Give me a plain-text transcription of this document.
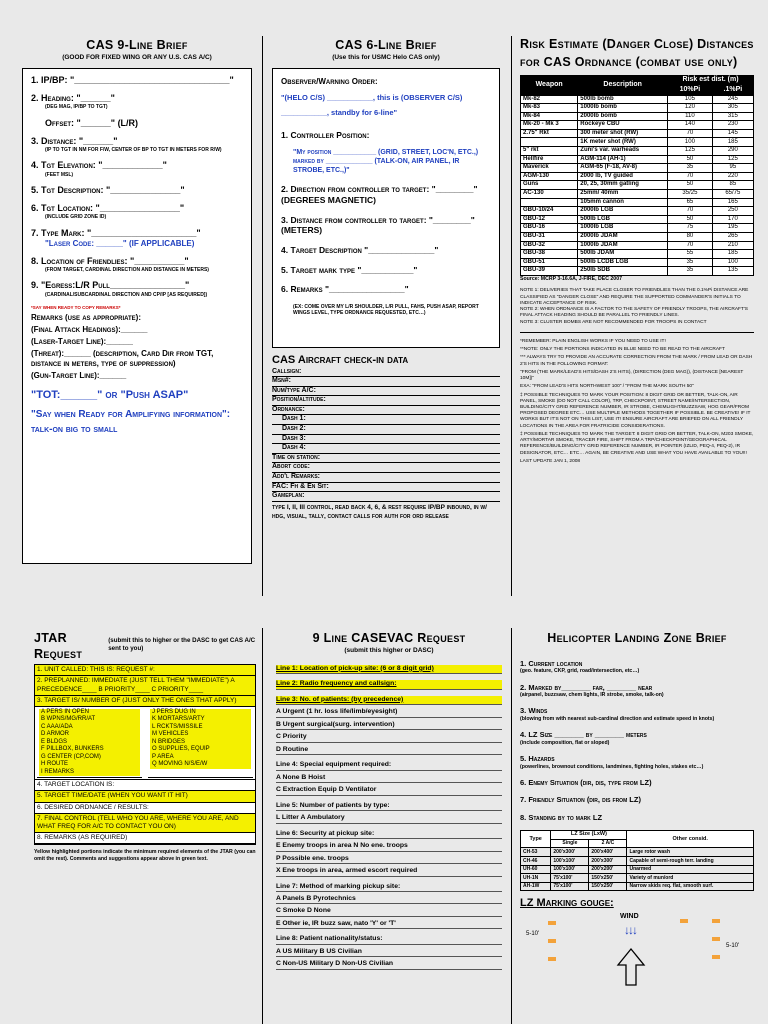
CAS 9-Line Brief
(GOOD FOR FIXED WING OR ANY U.S. CAS A/C)
1. IP/BP: "_______________________________"
2. Heading: "______"
(DEG MAG, IP/BP TO TGT)
Offset: "______" (L/R)
3. Distance: "______"
(IP TO TGT IN NM FOR F/W, CENTER OF BP TO TGT IN METERS FOR R/W)
4. Tgt Elevation: "____________"
(FEET MSL)
5. Tgt Description: "______________"
6. Tgt Location: "________________"
(INCLUDE GRID ZONE ID)
7. Type Mark: "_____________________"
"Laser Code: ______" (IF APPLICABLE)
8. Location of Friendlies: "__________"
(FROM TARGET, CARDINAL DIRECTION AND DISTANCE IN METERS)
9. "Egress:L/R Pull_______________"
(CARDINAL/SUBCARDINAL DIRECTION AND CP/IP [AS REQUIRED])
*SAY WHEN READY TO COPY REMARKS*
Remarks (use as appropriate):
(Final Attack Headings):______
(Laser-Target Line):______
(Threat):______ (description, Card Dir from TGT, distance in meters, type of suppression)
(Gun-Target Line):______
"TOT:______" or "Push ASAP"
"Say when Ready for Amplifying information": talk-on big to small
CAS 6-Line Brief
(Use this for USMC Helo CAS only)
Observer/Warning Order:
"(HELO C/S) ___________, this is (OBSERVER C/S)
___________, standby for 6-line"
1. Controller Position:
"My position ___________ (GRID, STREET, LOC'N, ETC.,) marked by ____________ (TALK-ON, AIR PANEL, IR STROBE, ETC.,)"
2. Direction from controller to target: "________" (DEGREES MAGNETIC)
3. Distance from controller to target: "________" (METERS)
4. Target Description "______________"
5. Target mark type "___________"
6. Remarks "________________"
(EX: COME OVER MY L/R SHOULDER, L/R PULL, FAHS, PUSH ASAP, REPORT WINGS LEVEL, TYPE ORDNANCE REQUESTED, ETC…)
CAS Aircraft check-in data
Callsign:
Msn#:
Num/type A/C:
Position/altitude:
Ordnance:
Dash 1:
Dash 2:
Dash 3:
Dash 4:
Time on station:
Abort code:
Add'l Remarks:
FAC: Fh & En Sit:
Gameplan:
type I, II, III control, read back 4, 6, & rest require IP/BP inbound, in w/ hdg, visual, tally, contact calls for auth for ord release
Risk Estimate (Danger Close) Distances for CAS Ordnance (combat use only)
Weapon	Description	Risk est dist. (m)	
		10%Pi	.1%Pi
Mk-82	500lb bomb	105	245
Mk-83	1000lb bomb	120	305
Mk-84	2000lb bomb	110	315
Mk-20 - Mk 3	Rockeye CBU	140	230
2.75" Rkt	300 meter shot (RW)	70	145
	1K meter shot (RW)	100	185
5" rkt	Zuni's var. warheads	125	290
Hellfire	AGM-114 (AH-1)	50	125
Maverick	AGM-65 (F-18, AV-8)	35	95
AGM-130	2000 lb, TV guided	70	220
Guns	20, 25, 30mm gatling	50	85
AC-130	25mm/ 40mm	35/25	65/75
	105mm cannon	65	165
GBU-10/24	2000lb LGB	70	250
GBU-12	500lb LGB	50	170
GBU-16	1000lb LGB	75	195
GBU-31	2000lb JDAM	80	265
GBU-32	1000lb JDAM	70	210
GBU-38	500lb JDAM	55	185
GBU-51	500lb LCDB LGB	35	100
GBU-39	250lb SDB	35	135
Source: MCRP 3-16.6A, J-FIRE, DEC 2007
NOTE 1: DELIVERIES THAT TAKE PLACE CLOSER TO FRIENDLIES THAN THE 0.1%Pi DISTANCE ARE CLASSIFIED AS "DANGER CLOSE" AND REQUIRE THE SUPPORTED COMMANDER'S INITIALS TO INDICATE ACCEPTANCE OF RISK.
NOTE 2: WHEN ORDNANCE IS A FACTOR TO THE SAFETY OF FRIENDLY TROOPS, THE AIRCRAFT'S FINAL ATTACK HEADING SHOULD BE PARALLEL TO FRIENDLY LINES.
NOTE 3: CLUSTER BOMBS ARE NOT RECOMMENDED FOR TROOPS IN CONTACT
*REMEMBER: PLAIN ENGLISH WORKS IF YOU NEED TO USE IT!
**NOTE: ONLY THE PORTIONS INDICATED IN BLUE NEED TO BE READ TO THE AIRCRAFT
*** ALWAYS TRY TO PROVIDE AN ACCURATE CORRECTION FROM THE MARK / FROM LEAD OR DASH 2'S HITS IN THE FOLLOWING FORMAT:
"FROM (THE MARK/LEAD'S HITS/DASH 2'S HITS), (DIRECTION (DEG MAG)), (DISTANCE [NEAREST 10M])"
EXA: "FROM LEAD'S HITS NORTHWEST 100" / "FROM THE MARK SOUTH 50"
‡ POSSIBLE TECHNIQUES TO MARK YOUR POSITION: 8 DIGIT GRID OR BETTER, TALK-ON, AIR PANEL, SMOKE (DO NOT CALL COLOR), TRP, CHECKPOINT, STREET NAME/INTERSECTION, BUILDING/CITY GRID REFERENCE NUMBER, IR STROBE, CHEMLIGHT/BUZZSAW, HOG GEAR/FROM PROPOSED DEGREE ETC… USE MULTIPLE METHODS TOGETHER IF POSSIBLE. BE CREATIVE! IF IT WORKS BUT IT'S NOT ON THIS LIST, USE IT! ENSURE AIRCRAFT ARE BRIEFED ON ALL FRIENDLY LOCATIONS IN THE AREA FOR FRATRICIDE CONSIDERATIONS.
‡ POSSIBLE TECHNIQUES TO MARK THE TARGET: 8 DIGIT GRID OR BETTER, TALK-ON, M203 SMOKE, ARTY/MORTAR SMOKE, TRACER FIRE, SHIFT FROM A TRP/CHECKPOINT/GEOGRAPHICAL REFERENCE/BUILDING/CITY GRID REFERENCE NUMBER, IR POINTER (IZLID, PEQ-4, PEQ-2), IR DESIGNATOR, ETC… ETC… AGAIN, BE CREATIVE AND USE WHAT YOU HAVE AVAILABLE TO YOU!!!
LAST UPDATE JAN 1, 2008
JTAR Request
(submit this to higher or the DASC to get CAS A/C sent to you)
1. UNIT CALLED: THIS IS: REQUEST #:
2. PREPLANNED: IMMEDIATE (JUST TELL THEM "IMMEDIATE") A PRECEDENCE____ B PRIORITY____ C PRIORITY____
3. TARGET IS/ NUMBER OF (JUST ONLY THE ONES THAT APPLY)
A PERS IN OPEN
B WPNS/MG/RR/AT
C AAA/ADA
D ARMOR
E BLDGS
F PILLBOX, BUNKERS
G CENTER (CP,COM)
H ROUTE
I REMARKS
J PERS DUG IN
K MORTARS/ARTY
L RCKTS/MISSILE
M VEHICLES
N BRIDGES
O SUPPLIES, EQUIP
P AREA
Q MOVING N/S/E/W
4. TARGET LOCATION IS:
5. TARGET TIME/DATE (WHEN YOU WANT IT HIT)
6. DESIRED ORDNANCE / RESULTS:
7. FINAL CONTROL (TELL WHO YOU ARE, WHERE YOU ARE, AND WHAT FREQ FOR A/C TO CONTACT YOU ON)
8. REMARKS (AS REQUIRED)
Yellow highlighted portions indicate the minimum required elements of the JTAR (you can omit the rest). Comments and suggestions appear above in green text.
9 Line CASEVAC Request
(submit this higher or DASC)
Line 1: Location of pick-up site: (6 or 8 digit grid)
Line 2: Radio frequency and callsign:
Line 3: No. of patients: (by precedence)
A Urgent (1 hr. loss life/limb/eyesight)
B Urgent surgical(surg. intervention)
C Priority
D Routine
Line 4: Special equipment required:
A None B Hoist
C Extraction Equip D Ventilator
Line 5: Number of patients by type:
L Litter A Ambulatory
Line 6: Security at pickup site:
E Enemy troops in area N No ene. troops
P Possible ene. troops
X Ene troops in area, armed escort required
Line 7: Method of marking pickup site:
A Panels B Pyrotechnics
C Smoke D None
E Other ie, IR buzz saw, nato 'Y' or 'T'
Line 8: Patient nationality/status:
A US Military B US Civilian
C Non-US Military D Non-US Civilian
Helicopter Landing Zone Brief
1. Current location
(geo. feature, CKP, grid, road/intersection, etc…)
2. Marked by_______ far, _______ near
(airpanel, buzzsaw, chem lights, IR strobe, smoke, talk-on)
3. Winds
(blowing from with nearest sub-cardinal direction and estimate speed in knots)
4. LZ Size _______ by _______ meters
(include composition, flat or sloped)
5. Hazards
(powerlines, brownout conditions, landmines, fighting holes, stakes etc…)
6. Enemy Situation (dir, dis, type from LZ)
7. Friendly Situation (dir, dis from LZ)
8. Standing by to mark LZ
Type	LZ Size (LxW)		Other consid.
	Single	2 A/C	
CH-53	200'x300'	200'x400'	Large rotor wash
CH-46	100'x100'	200'x300'	Capable of semi-rough terr. landing
UH-60	100'x100'	200'x200'	Unarmed
UH-1N	75'x100'	150'x250'	Variety of mun/ord
AH-1W	75'x100'	150'x250'	Narrow skids req. flat, smooth surf.
LZ Marking gouge:
WIND
↓↓↓
5-10'
5-10'
